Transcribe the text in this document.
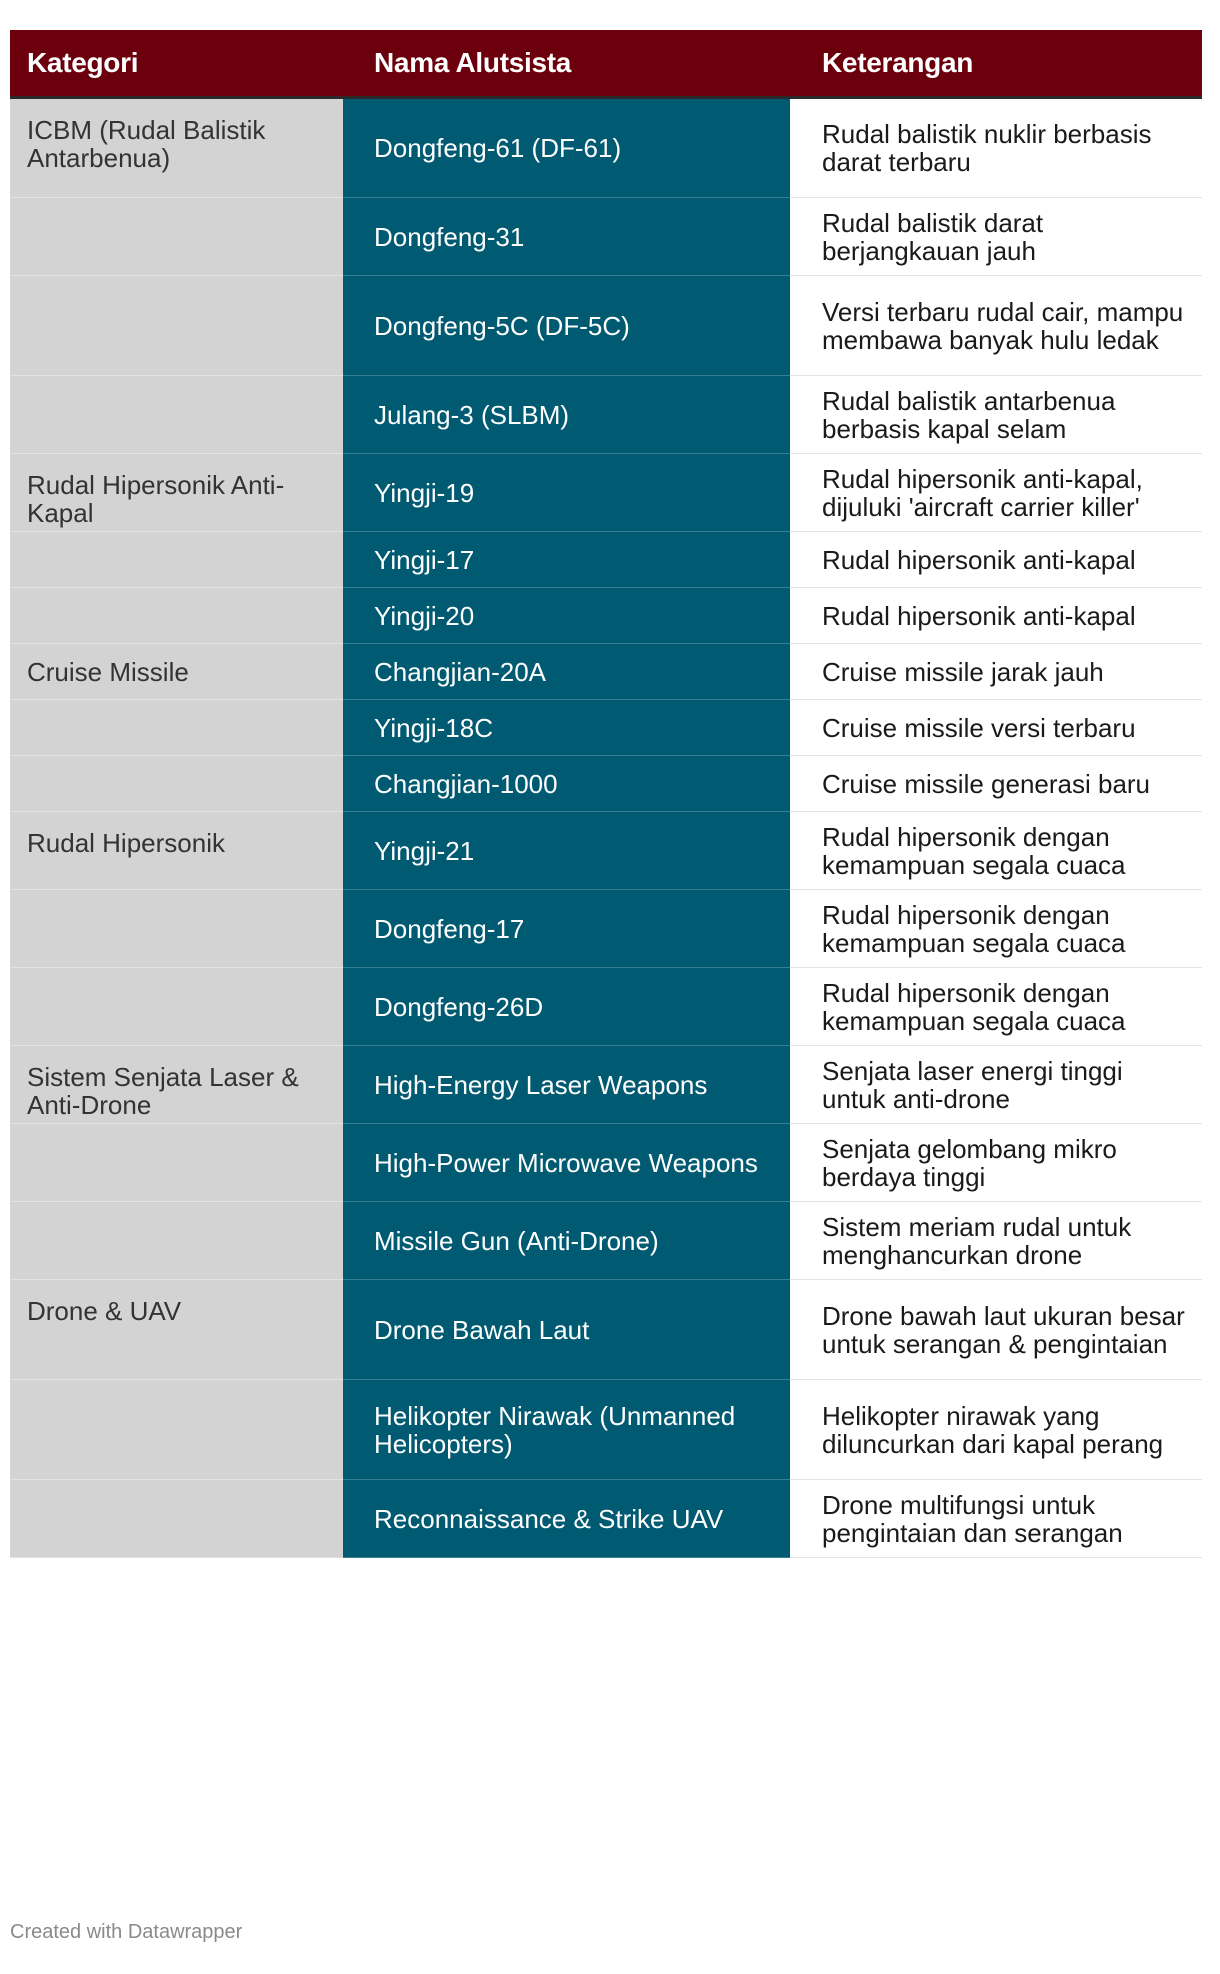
Kategori	Nama Alutsista	Keterangan
ICBM (Rudal Balistik Antarbenua)	Dongfeng-61 (DF-61)	Rudal balistik nuklir berbasis darat terbaru
	Dongfeng-31	Rudal balistik darat berjangkauan jauh
	Dongfeng-5C (DF-5C)	Versi terbaru rudal cair, mampu membawa banyak hulu ledak
	Julang-3 (SLBM)	Rudal balistik antarbenua berbasis kapal selam
Rudal Hipersonik Anti-Kapal	Yingji-19	Rudal hipersonik anti-kapal, dijuluki 'aircraft carrier killer'
	Yingji-17	Rudal hipersonik anti-kapal
	Yingji-20	Rudal hipersonik anti-kapal
Cruise Missile	Changjian-20A	Cruise missile jarak jauh
	Yingji-18C	Cruise missile versi terbaru
	Changjian-1000	Cruise missile generasi baru
Rudal Hipersonik	Yingji-21	Rudal hipersonik dengan kemampuan segala cuaca
	Dongfeng-17	Rudal hipersonik dengan kemampuan segala cuaca
	Dongfeng-26D	Rudal hipersonik dengan kemampuan segala cuaca
Sistem Senjata Laser & Anti-Drone	High-Energy Laser Weapons	Senjata laser energi tinggi untuk anti-drone
	High-Power Microwave Weapons	Senjata gelombang mikro berdaya tinggi
	Missile Gun (Anti-Drone)	Sistem meriam rudal untuk menghancurkan drone
Drone & UAV	Drone Bawah Laut	Drone bawah laut ukuran besar untuk serangan & pengintaian
	Helikopter Nirawak (Unmanned Helicopters)	Helikopter nirawak yang diluncurkan dari kapal perang
	Reconnaissance & Strike UAV	Drone multifungsi untuk pengintaian dan serangan
Created with Datawrapper
